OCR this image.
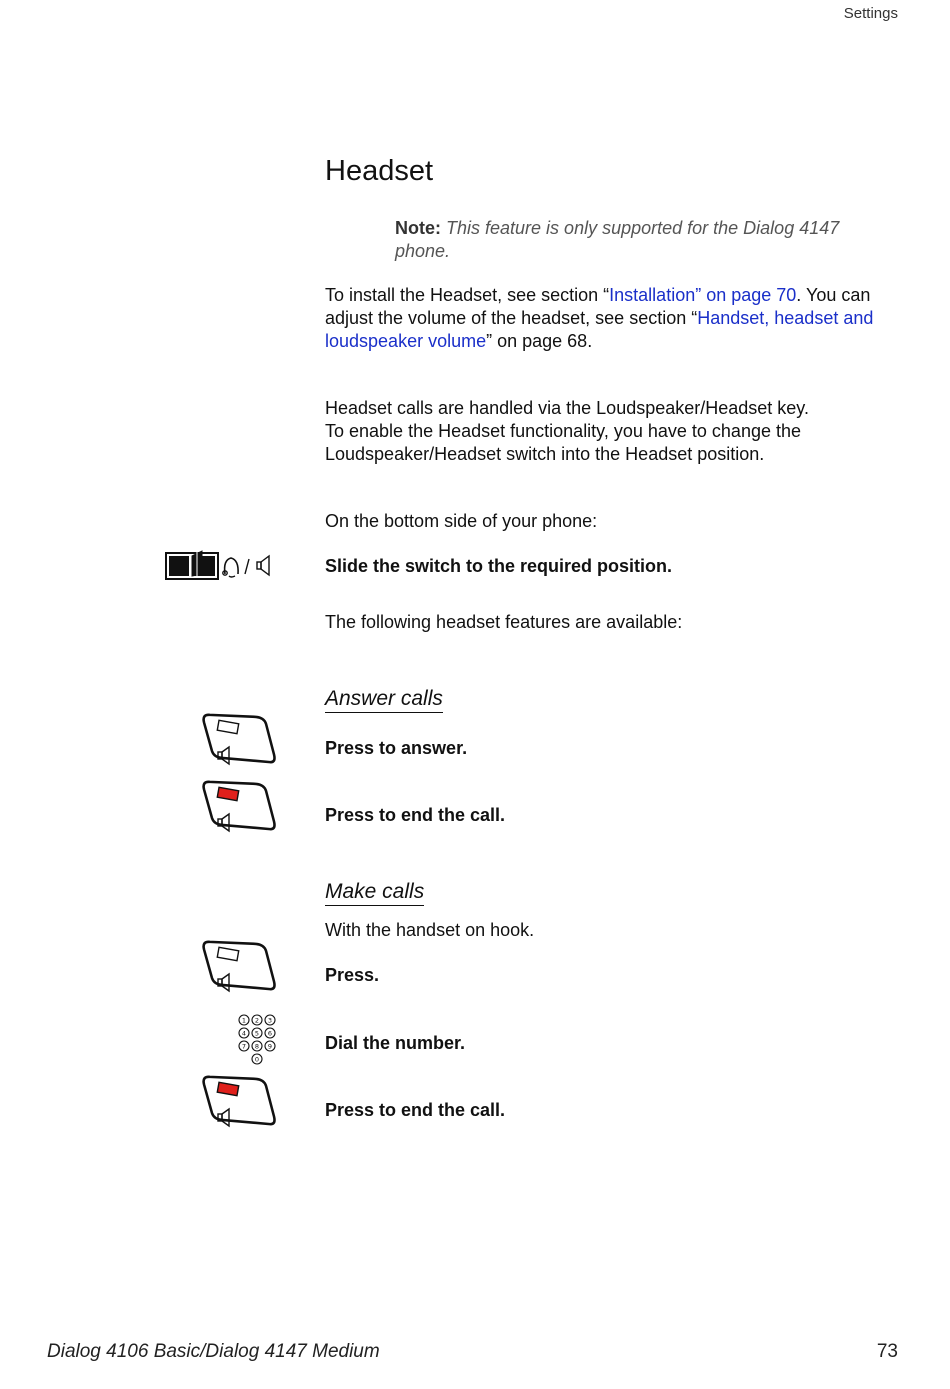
Settings
Headset
Note: This feature is only supported for the Dialog 4147 phone.
To install the Headset, see section “Installation” on page 70. You can adjust the volume of the headset, see section “Handset, headset and loudspeaker volume” on page 68.
Headset calls are handled via the Loudspeaker/Headset key.
To enable the Headset functionality, you have to change the Loudspeaker/Headset switch into the Headset position.
On the bottom side of your phone:
Slide the switch to the required position.
The following headset features are available:
Answer calls
Press to answer.
Press to end the call.
Make calls
With the handset on hook.
Press.
1 2 3
4 5 6
7 8 9
0
Dial the number.
Press to end the call.
Dialog 4106 Basic/Dialog 4147 Medium	73
